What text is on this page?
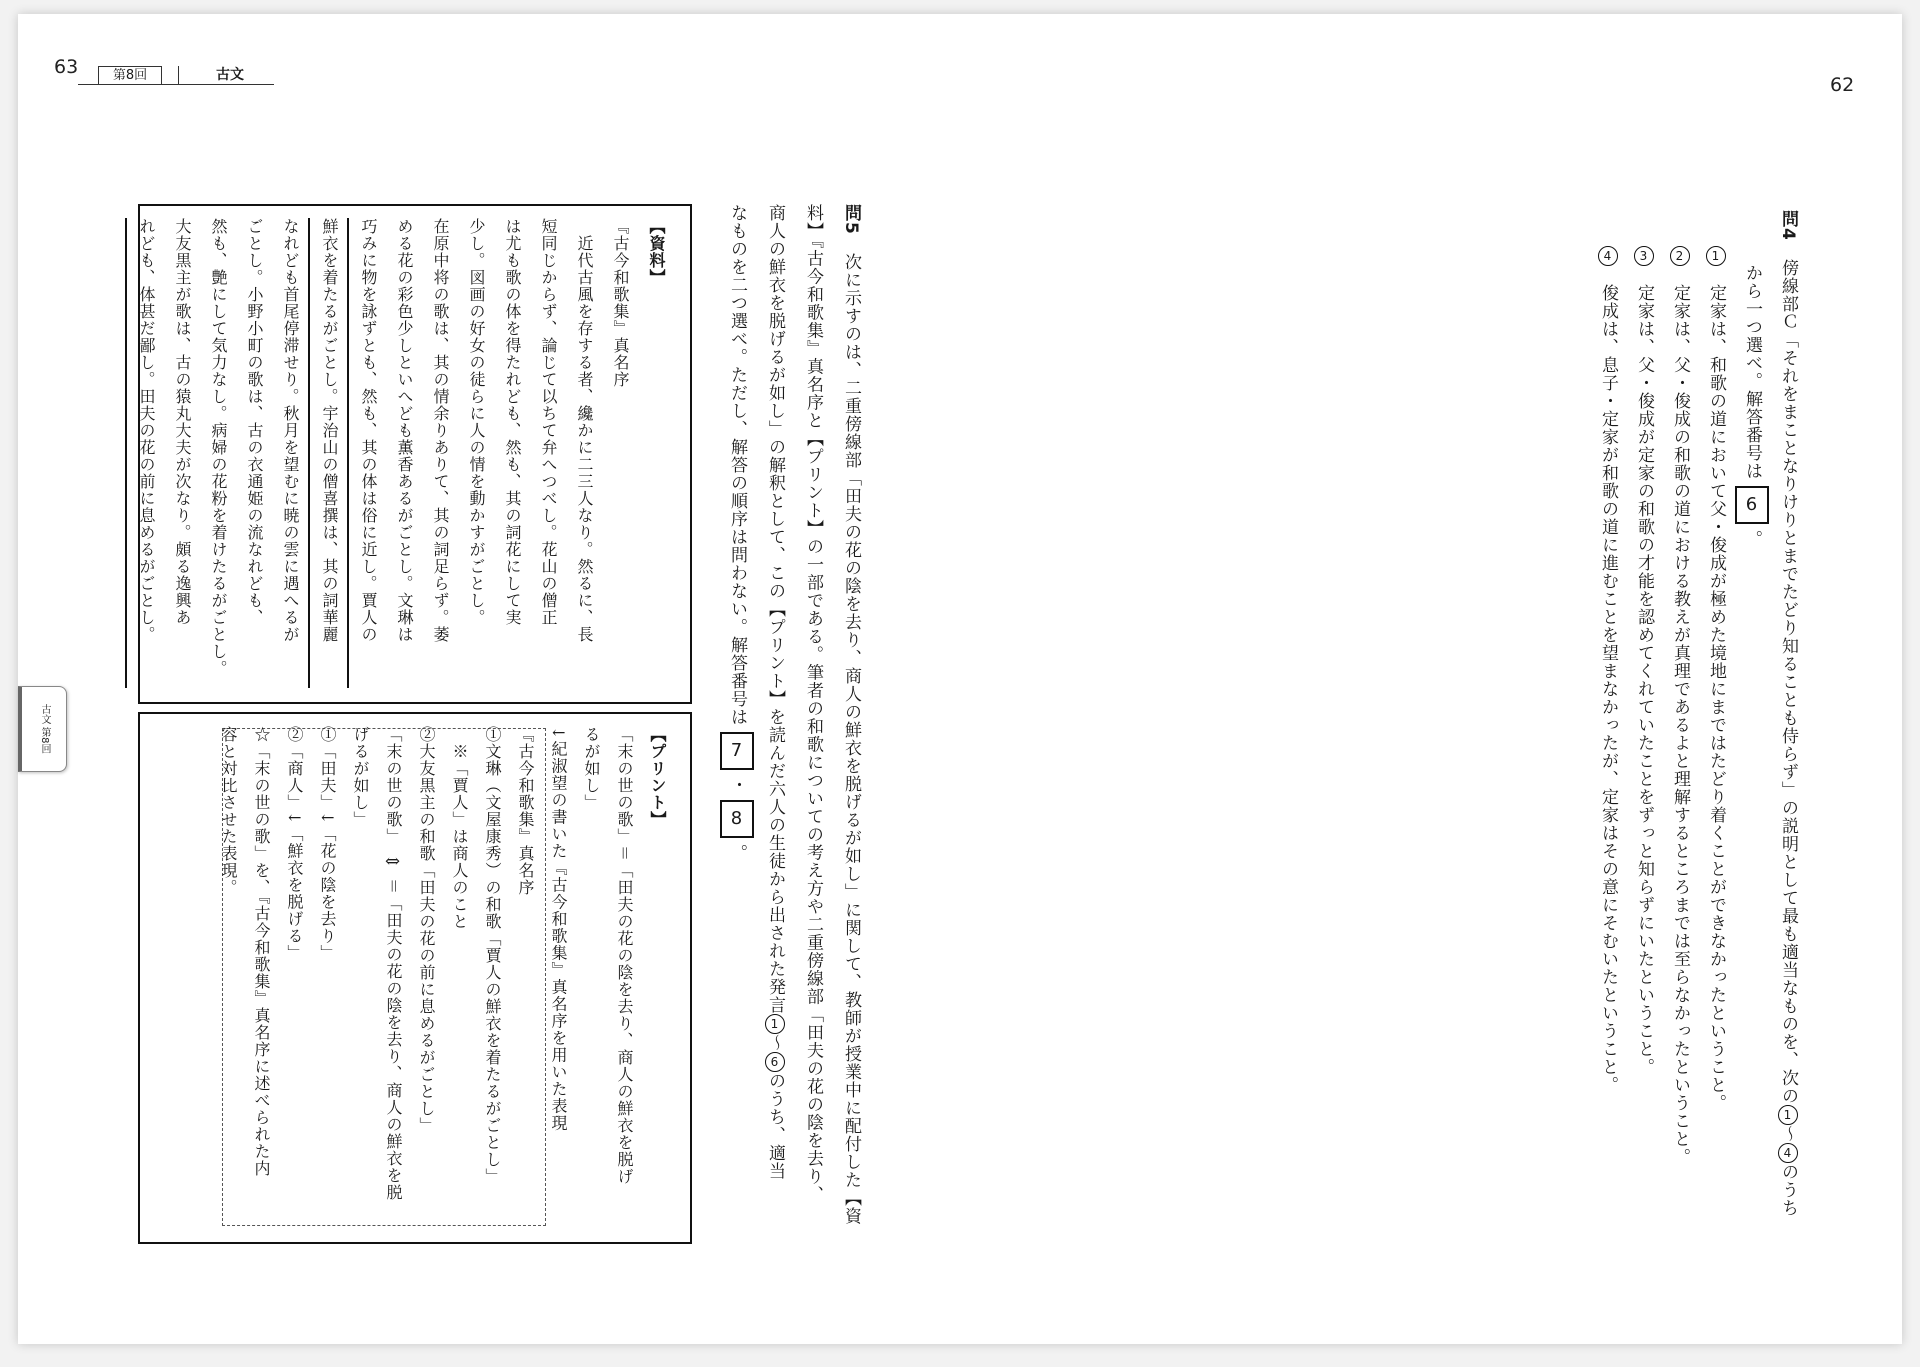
63	第8回	古文	62
古文 第8回
問4　傍線部Ｃ「それをまことなりけりとまでたどり知ることも侍らず」の説明として最も適当なものを、次の1〜4のうち
から一つ選べ。解答番号は6。
1　定家は、和歌の道において父・俊成が極めた境地にまではたどり着くことができなかったということ。
2　定家は、父・俊成の和歌の道における教えが真理であるよと理解するところまでは至らなかったということ。
3　定家は、父・俊成が定家の和歌の才能を認めてくれていたことをずっと知らずにいたということ。
4　俊成は、息子・定家が和歌の道に進むことを望まなかったが、定家はその意にそむいたということ。
問5　次に示すのは、二重傍線部「田夫の花の陰を去り、商人の鮮衣を脱げるが如し」に関して、教師が授業中に配付した【資
料】『古今和歌集』真名序と【プリント】の一部である。筆者の和歌についての考え方や二重傍線部「田夫の花の陰を去り、
商人の鮮衣を脱げるが如し」の解釈として、この【プリント】を読んだ六人の生徒から出された発言1〜6のうち、適当
なものを二つ選べ。ただし、解答の順序は問わない。解答番号は7・8。
【資料】
『古今和歌集』真名序
　近代古風を存する者、纔かに二三人なり。然るに、長
短同じからず、論じて以ちて弁へつべし。花山の僧正
は尤も歌の体を得たれども、然も、其の詞花にして実
少し。図画の好女の徒らに人の情を動かすがごとし。
在原中将の歌は、其の情余りありて、其の詞足らず。萎
める花の彩色少しといへども薫香あるがごとし。文琳は
巧みに物を詠ずとも、然も、其の体は俗に近し。賈人の
鮮衣を着たるがごとし。宇治山の僧喜撰は、其の詞華麗
なれども首尾停滞せり。秋月を望むに暁の雲に遇へるが
ごとし。小野小町の歌は、古の衣通姫の流なれども、
然も、艶にして気力なし。病婦の花粉を着けたるがごとし。
大友黒主が歌は、古の猿丸大夫が次なり。頗る逸興あ
れども、体甚だ鄙し。田夫の花の前に息めるがごとし。
【プリント】
「末の世の歌」＝「田夫の花の陰を去り、商人の鮮衣を脱げ
るが如し」
↓紀淑望の書いた『古今和歌集』真名序を用いた表現
『古今和歌集』真名序
①文琳（文屋康秀）の和歌「賈人の鮮衣を着たるがごとし」
　※「賈人」は商人のこと
②大友黒主の和歌「田夫の花の前に息めるがごとし」
「末の世の歌」⇔＝「田夫の花の陰を去り、商人の鮮衣を脱
げるが如し」
①「田夫」↓「花の陰を去り」
②「商人」↓「鮮衣を脱げる」
☆「末の世の歌」を、『古今和歌集』真名序に述べられた内
容と対比させた表現。
